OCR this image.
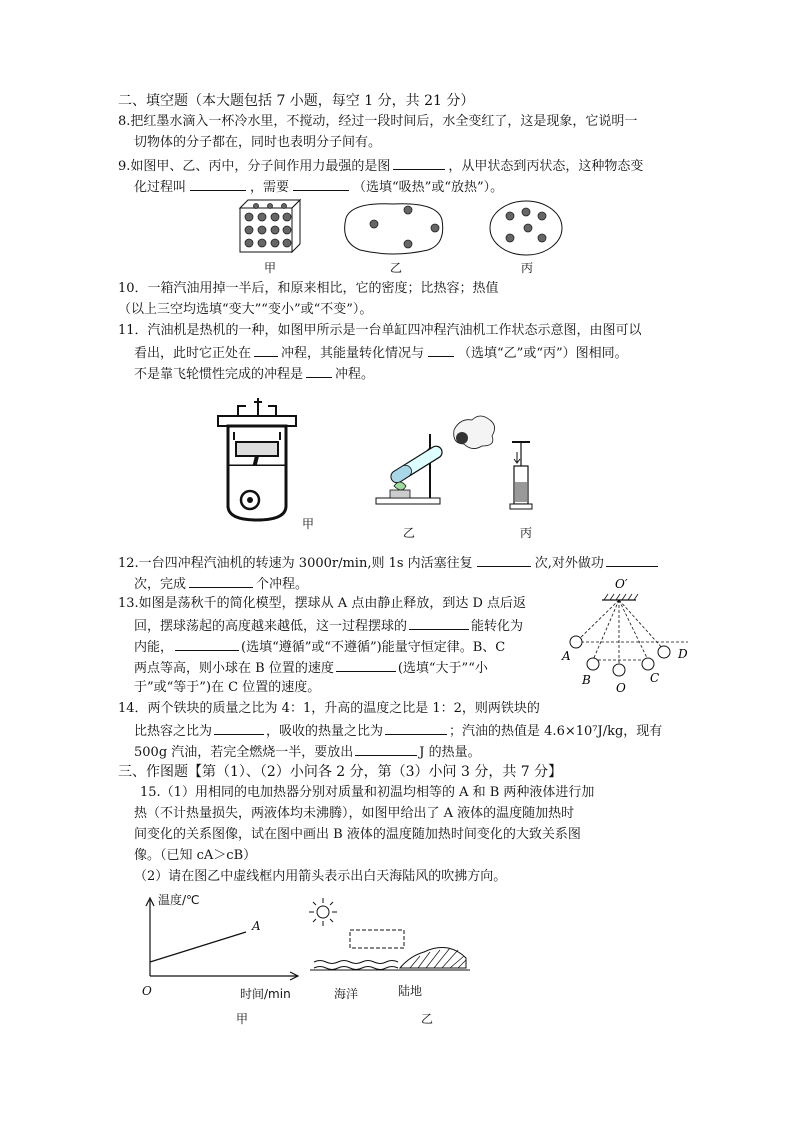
二、填空题（本大题包括 7 小题，每空 1 分，共 21 分）
8.把红墨水滴入一杯冷水里，不搅动，经过一段时间后，水全变红了，这是现象，它说明一
切物体的分子都在，同时也表明分子间有。
9.如图甲、乙、丙中，分子间作用力最强的是图	，从甲状态到丙状态，这种物态变
化过程叫	，需要	（选填“吸热”或“放热”）。
甲	乙	丙
10．一箱汽油用掉一半后，和原来相比，它的密度；比热容；热值
（以上三空均选填“变大”“变小”或“不变”）。
11．汽油机是热机的一种，如图甲所示是一台单缸四冲程汽油机工作状态示意图，由图可以
看出，此时它正处在 冲程，其能量转化情况与	（选填“乙”或“丙”）图相同。
不是靠飞轮惯性完成的冲程是 冲程。
甲
乙	丙
12.一台四冲程汽油机的转速为 3000r/min,则 1s 内活塞往复	次,对外做功
次，完成	个冲程。
13.如图是荡秋千的简化模型，摆球从 A 点由静止释放，到达 D 点后返
回，摆球荡起的高度越来越低，这一过程摆球的	能转化为
内能，	(选填“遵循”或“不遵循”)能量守恒定律。B、C
两点等高，则小球在 B 位置的速度	(选填“大于”“小
于”或“等于”)在 C 位置的速度。
O′
A
B
O
C
D
14．两个铁块的质量之比为 4：1，升高的温度之比是 1：2，则两铁块的
比热容之比为	，吸收的热量之比为	；汽油的热值是 4.6×10⁷J/kg，现有
500g 汽油，若完全燃烧一半，要放出	J 的热量。
三、作图题【第（1）、（2）小问各 2 分，第（3）小问 3 分，共 7 分】
15.（1）用相同的电加热器分别对质量和初温均相等的 A 和 B 两种液体进行加
热（不计热量损失，两液体均未沸腾），如图甲给出了 A 液体的温度随加热时
间变化的关系图像，试在图中画出 B 液体的温度随加热时间变化的大致关系图
像。（已知 cA＞cB）
（2）请在图乙中虚线框内用箭头表示出白天海陆风的吹拂方向。
温度/℃
A
O	时间/min
甲
海洋	陆地
乙
